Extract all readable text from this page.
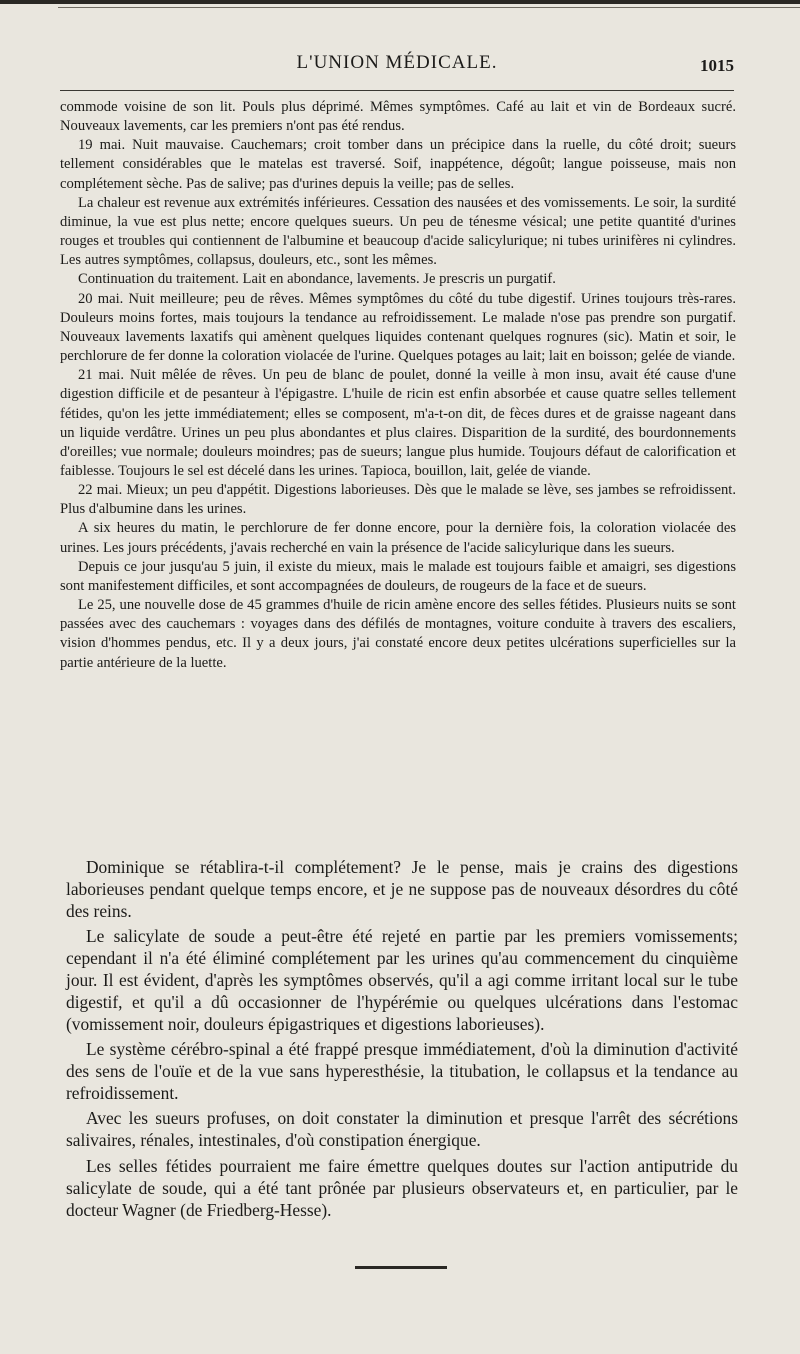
L'UNION MÉDICALE.	1015

commode voisine de son lit. Pouls plus déprimé. Mêmes symptômes. Café au lait et vin de Bordeaux sucré. Nouveaux lavements, car les premiers n'ont pas été rendus.

19 mai. Nuit mauvaise. Cauchemars; croit tomber dans un précipice dans la ruelle, du côté droit; sueurs tellement considérables que le matelas est traversé. Soif, inappétence, dégoût; langue poisseuse, mais non complétement sèche. Pas de salive; pas d'urines depuis la veille; pas de selles.

La chaleur est revenue aux extrémités inférieures. Cessation des nausées et des vomissements. Le soir, la surdité diminue, la vue est plus nette; encore quelques sueurs. Un peu de ténesme vésical; une petite quantité d'urines rouges et troubles qui contiennent de l'albumine et beaucoup d'acide salicylurique; ni tubes urinifères ni cylindres. Les autres symptômes, collapsus, douleurs, etc., sont les mêmes.

Continuation du traitement. Lait en abondance, lavements. Je prescris un purgatif.

20 mai. Nuit meilleure; peu de rêves. Mêmes symptômes du côté du tube digestif. Urines toujours très-rares. Douleurs moins fortes, mais toujours la tendance au refroidissement. Le malade n'ose pas prendre son purgatif. Nouveaux lavements laxatifs qui amènent quelques liquides contenant quelques rognures (sic). Matin et soir, le perchlorure de fer donne la coloration violacée de l'urine. Quelques potages au lait; lait en boisson; gelée de viande.

21 mai. Nuit mêlée de rêves. Un peu de blanc de poulet, donné la veille à mon insu, avait été cause d'une digestion difficile et de pesanteur à l'épigastre. L'huile de ricin est enfin absorbée et cause quatre selles tellement fétides, qu'on les jette immédiatement; elles se composent, m'a-t-on dit, de fèces dures et de graisse nageant dans un liquide verdâtre. Urines un peu plus abondantes et plus claires. Disparition de la surdité, des bourdonnements d'oreilles; vue normale; douleurs moindres; pas de sueurs; langue plus humide. Toujours défaut de calorification et faiblesse. Toujours le sel est décelé dans les urines. Tapioca, bouillon, lait, gelée de viande.

22 mai. Mieux; un peu d'appétit. Digestions laborieuses. Dès que le malade se lève, ses jambes se refroidissent. Plus d'albumine dans les urines.

A six heures du matin, le perchlorure de fer donne encore, pour la dernière fois, la coloration violacée des urines. Les jours précédents, j'avais recherché en vain la présence de l'acide salicylurique dans les sueurs.

Depuis ce jour jusqu'au 5 juin, il existe du mieux, mais le malade est toujours faible et amaigri, ses digestions sont manifestement difficiles, et sont accompagnées de douleurs, de rougeurs de la face et de sueurs.

Le 25, une nouvelle dose de 45 grammes d'huile de ricin amène encore des selles fétides. Plusieurs nuits se sont passées avec des cauchemars : voyages dans des défilés de montagnes, voiture conduite à travers des escaliers, vision d'hommes pendus, etc. Il y a deux jours, j'ai constaté encore deux petites ulcérations superficielles sur la partie antérieure de la luette.

Dominique se rétablira-t-il complétement? Je le pense, mais je crains des digestions laborieuses pendant quelque temps encore, et je ne suppose pas de nouveaux désordres du côté des reins.

Le salicylate de soude a peut-être été rejeté en partie par les premiers vomissements; cependant il n'a été éliminé complétement par les urines qu'au commencement du cinquième jour. Il est évident, d'après les symptômes observés, qu'il a agi comme irritant local sur le tube digestif, et qu'il a dû occasionner de l'hypérémie ou quelques ulcérations dans l'estomac (vomissement noir, douleurs épigastriques et digestions laborieuses).

Le système cérébro-spinal a été frappé presque immédiatement, d'où la diminution d'activité des sens de l'ouïe et de la vue sans hyperesthésie, la titubation, le collapsus et la tendance au refroidissement.

Avec les sueurs profuses, on doit constater la diminution et presque l'arrêt des sécrétions salivaires, rénales, intestinales, d'où constipation énergique.

Les selles fétides pourraient me faire émettre quelques doutes sur l'action antiputride du salicylate de soude, qui a été tant prônée par plusieurs observateurs et, en particulier, par le docteur Wagner (de Friedberg-Hesse).
